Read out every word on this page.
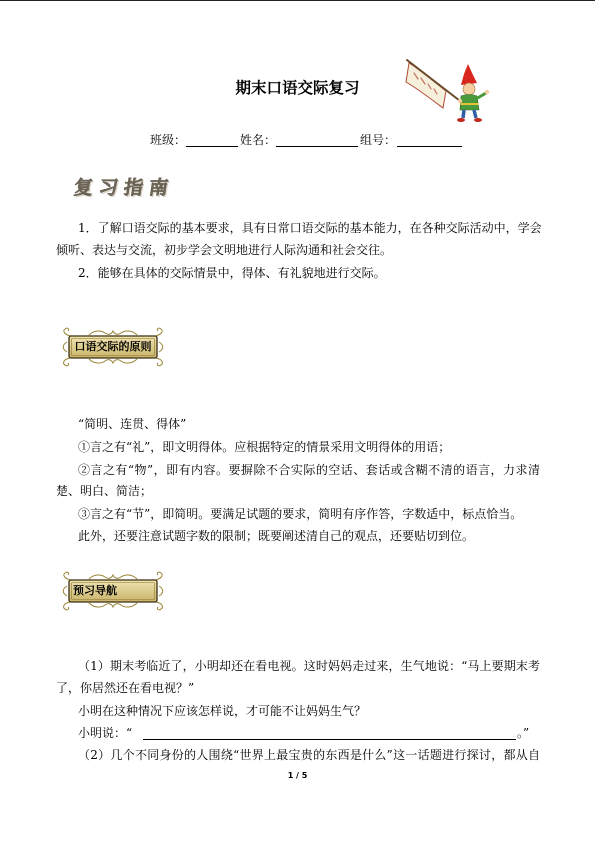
期末口语交际复习
班级：	姓名：	组号：
复习指南
1．了解口语交际的基本要求，具有日常口语交际的基本能力，在各种交际活动中，学会
倾听、表达与交流，初步学会文明地进行人际沟通和社会交往。
2．能够在具体的交际情景中，得体、有礼貌地进行交际。
口语交际的原则
“简明、连贯、得体”
①言之有“礼”，即文明得体。应根据特定的情景采用文明得体的用语；
②言之有“物”，即有内容。要摒除不合实际的空话、套话或含糊不清的语言，力求清
楚、明白、简洁；
③言之有“节”，即简明。要满足试题的要求，简明有序作答，字数适中，标点恰当。
此外，还要注意试题字数的限制；既要阐述清自己的观点，还要贴切到位。
预习导航
（1）期末考临近了，小明却还在看电视。这时妈妈走过来，生气地说：“马上要期末考
了，你居然还在看电视？”
小明在这种情况下应该怎样说，才可能不让妈妈生气？
小明说：“	。”
（2）几个不同身份的人围绕“世界上最宝贵的东西是什么”这一话题进行探讨，都从自
1 / 5
